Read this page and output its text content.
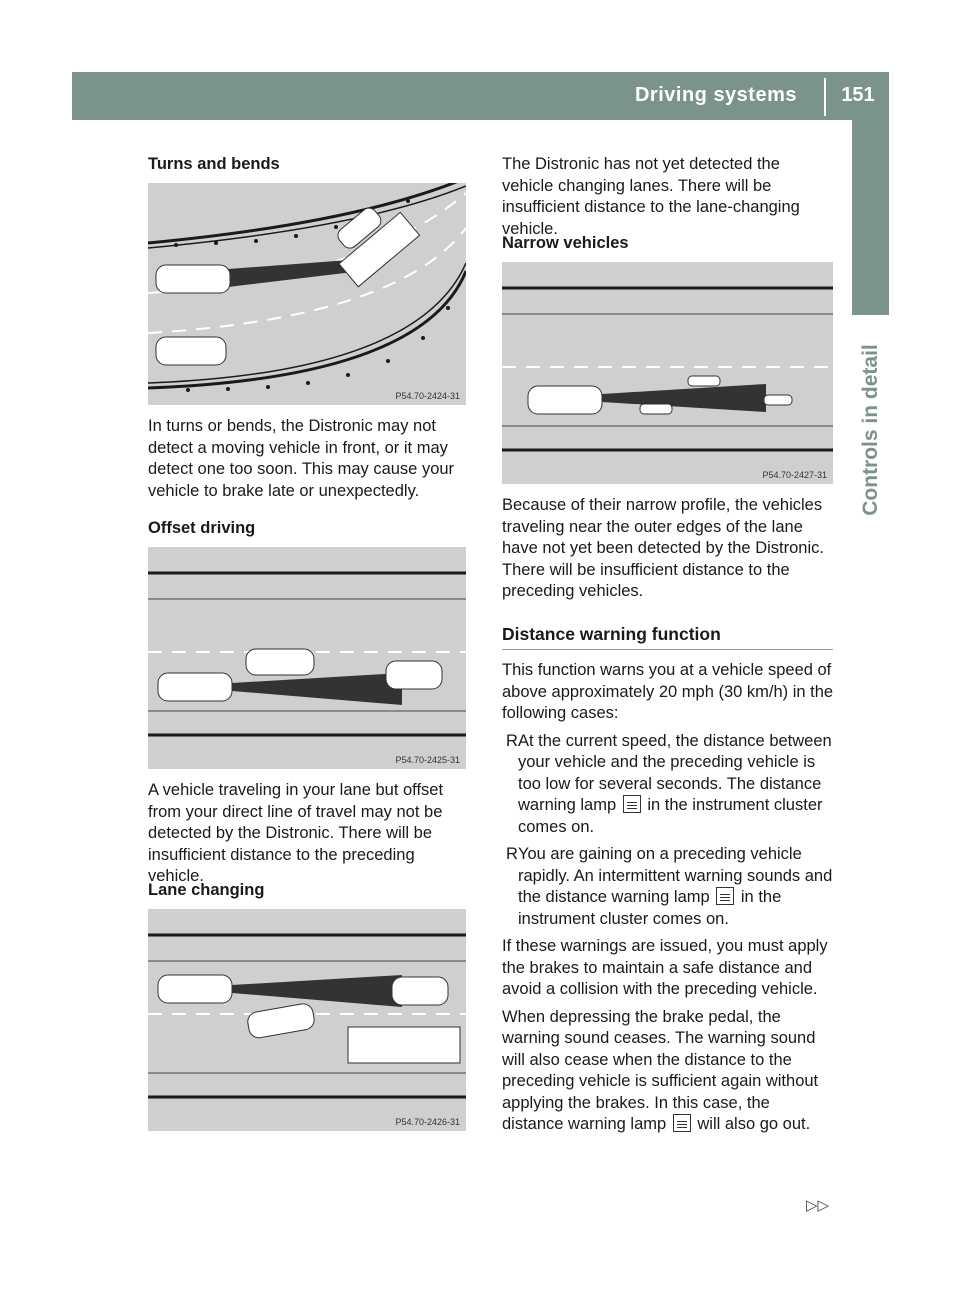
Driving systems	151
Controls in detail
Turns and bends
P54.70-2424-31

In turns or bends, the Distronic may not detect a moving vehicle in front, or it may detect one too soon. This may cause your vehicle to brake late or unexpectedly.

Offset driving
P54.70-2425-31

A vehicle traveling in your lane but offset from your direct line of travel may not be detected by the Distronic. There will be insufficient distance to the preceding vehicle.

Lane changing
P54.70-2426-31

The Distronic has not yet detected the vehicle changing lanes. There will be insufficient distance to the lane-changing vehicle.

Narrow vehicles
P54.70-2427-31

Because of their narrow profile, the vehicles traveling near the outer edges of the lane have not yet been detected by the Distronic. There will be insufficient distance to the preceding vehicles.

Distance warning function

This function warns you at a vehicle speed of above approximately 20 mph (30 km/h) in the following cases:

R At the current speed, the distance between your vehicle and the preceding vehicle is too low for several seconds. The distance warning lamp in the instrument cluster comes on.

R You are gaining on a preceding vehicle rapidly. An intermittent warning sounds and the distance warning lamp in the instrument cluster comes on.

If these warnings are issued, you must apply the brakes to maintain a safe distance and avoid a collision with the preceding vehicle.

When depressing the brake pedal, the warning sound ceases. The warning sound will also cease when the distance to the preceding vehicle is sufficient again without applying the brakes. In this case, the distance warning lamp will also go out.

▷▷
